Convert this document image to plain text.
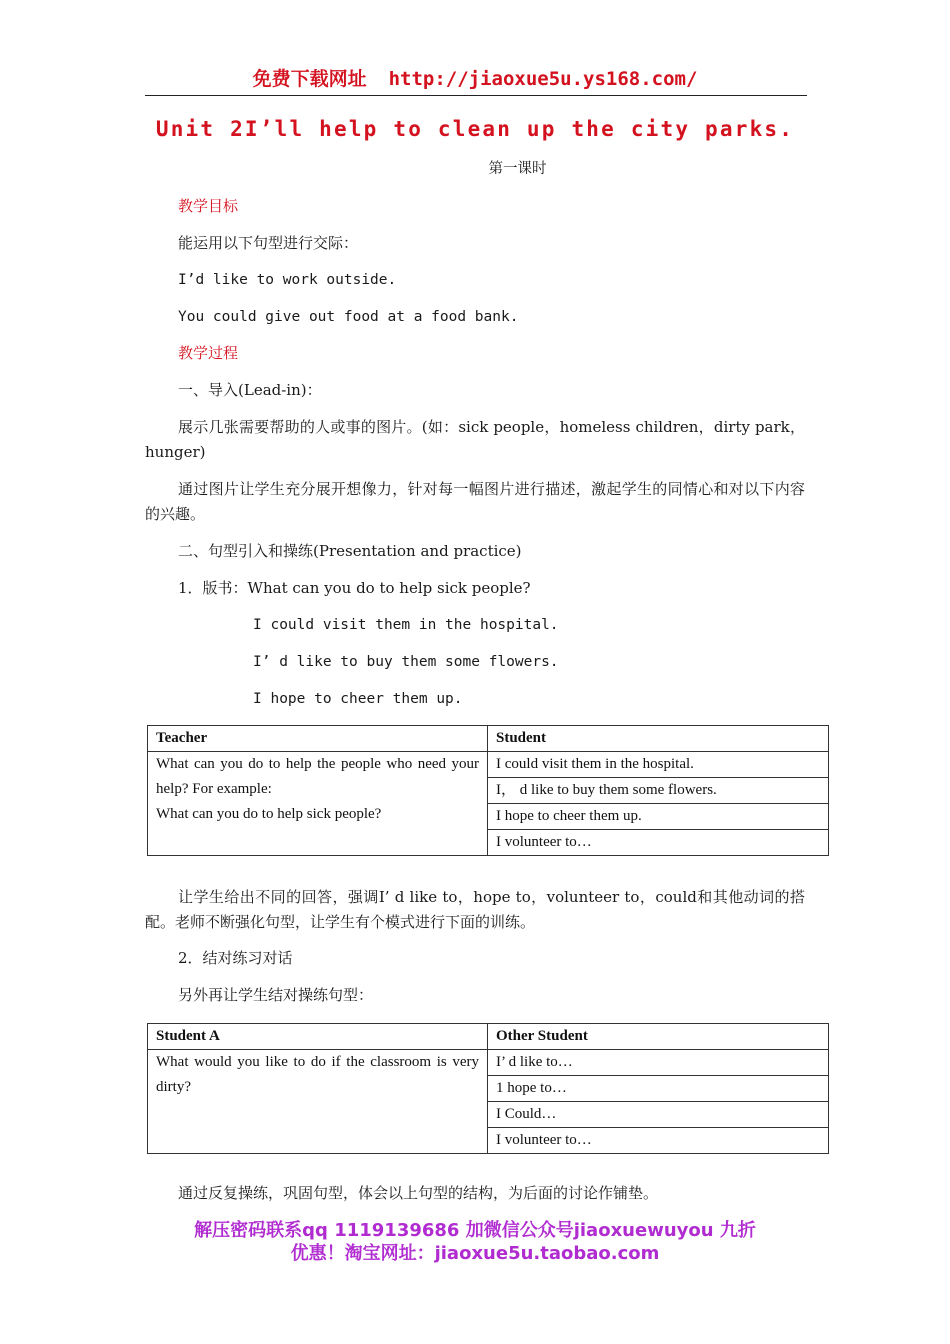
免费下载网址 http://jiaoxue5u.ys168.com/
Unit 2I’ll help to clean up the city parks.
第一课时
教学目标
能运用以下句型进行交际：
I’d like to work outside.
You could give out food at a food bank.
教学过程
一、导入(Lead-in)：
展示几张需要帮助的人或事的图片。(如：sick people，homeless children，dirty park，hunger)
通过图片让学生充分展开想像力，针对每一幅图片进行描述，激起学生的同情心和对以下内容的兴趣。
二、句型引入和操练(Presentation and practice)
1．版书：What can you do to help sick people?
I could visit them in the hospital.
I’ d like to buy them some flowers.
I hope to cheer them up.
Teacher	Student

What can you do to help the people who need your help? For example:
What can you do to help sick people?	I could visit them in the hospital.
	I， d like to buy them some flowers.
	I hope to cheer them up.
	I volunteer to…
让学生给出不同的回答，强调I’ d like to，hope to，volunteer to，could和其他动词的搭配。老师不断强化句型，让学生有个模式进行下面的训练。
2．结对练习对话
另外再让学生结对操练句型：
Student A	Other Student
What would you like to do if the classroom is very dirty?	I’ d like to…
	1 hope to…
	I Could…
	I volunteer to…
通过反复操练，巩固句型，体会以上句型的结构，为后面的讨论作铺垫。
解压密码联系qq 1119139686 加微信公众号jiaoxuewuyou 九折
优惠！淘宝网址：jiaoxue5u.taobao.com
